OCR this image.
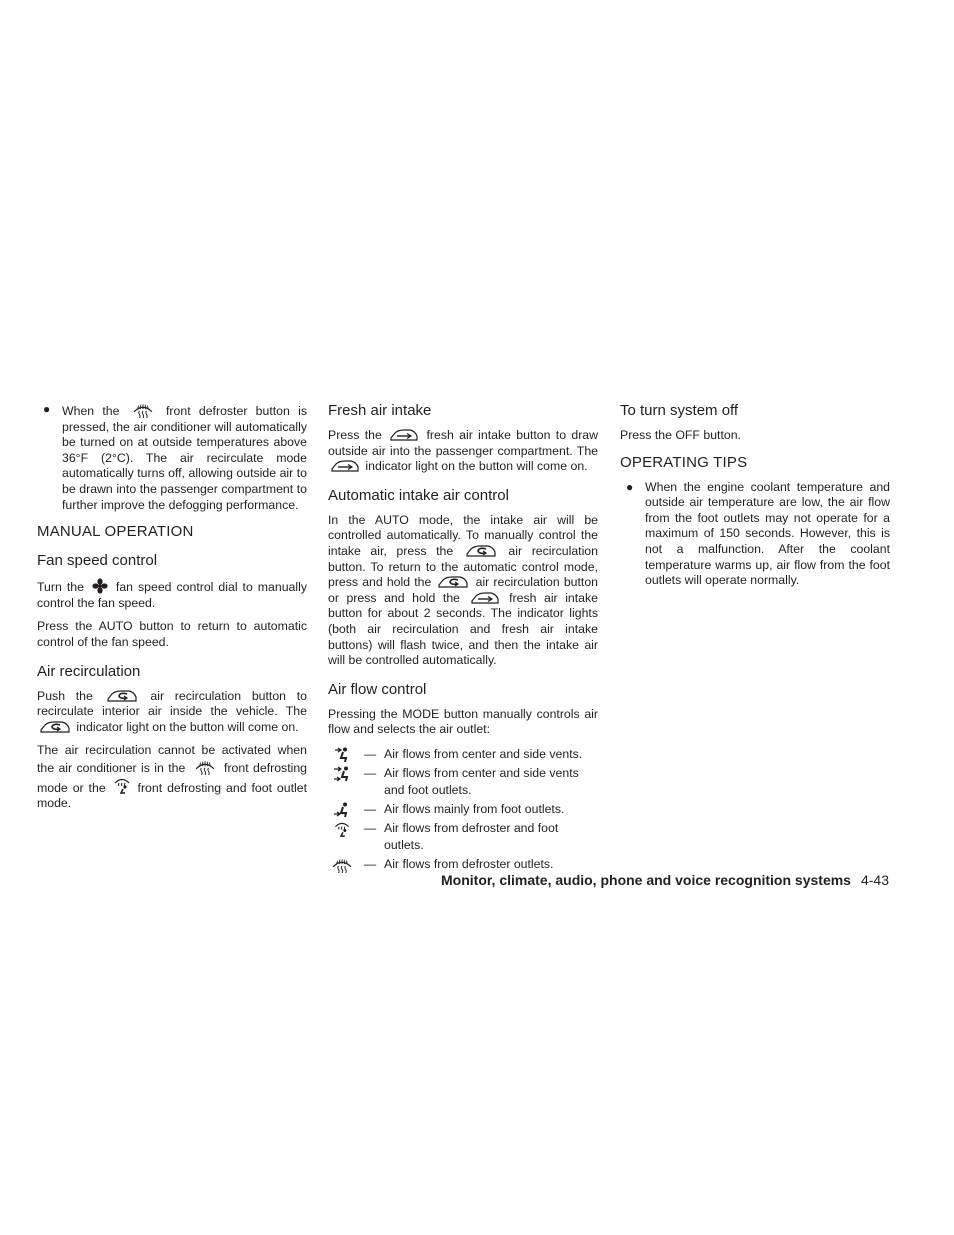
● When the	front defroster button is pressed, the air conditioner will automatically be turned on at outside temperatures above 36°F (2°C). The air recirculate mode automatically turns off, allowing outside air to be drawn into the passenger compartment to further improve the defogging performance.

MANUAL OPERATION
Fan speed control

Turn the	fan speed control dial to manually control the fan speed.

Press the AUTO button to return to automatic control of the fan speed.

Air recirculation

Push the	air recirculation button to recirculate interior air inside the vehicle. The
indicator light on the button will come on.

The air recirculation cannot be activated when the air conditioner is in the	front defrosting mode or the	front defrosting and foot outlet mode.

Fresh air intake

Press the	fresh air intake button to draw outside air into the passenger compartment. The
indicator light on the button will come on.

Automatic intake air control

In the AUTO mode, the intake air will be controlled automatically. To manually control the intake air, press the	air recirculation button. To return to the automatic control mode, press and hold the	air recirculation button or press and hold the	fresh air intake button for about 2 seconds. The indicator lights (both air recirculation and fresh air intake buttons) will flash twice, and then the intake air will be controlled automatically.

Air flow control

Pressing the MODE button manually controls air flow and selects the air outlet:

— Air flows from center and side vents.
— Air flows from center and side vents and foot outlets.
— Air flows mainly from foot outlets.
— Air flows from defroster and foot outlets.
— Air flows from defroster outlets.
To turn system off

Press the OFF button.

OPERATING TIPS
● When the engine coolant temperature and outside air temperature are low, the air flow from the foot outlets may not operate for a maximum of 150 seconds. However, this is not a malfunction. After the coolant temperature warms up, air flow from the foot outlets will operate normally.

Monitor, climate, audio, phone and voice recognition systems 4-43
